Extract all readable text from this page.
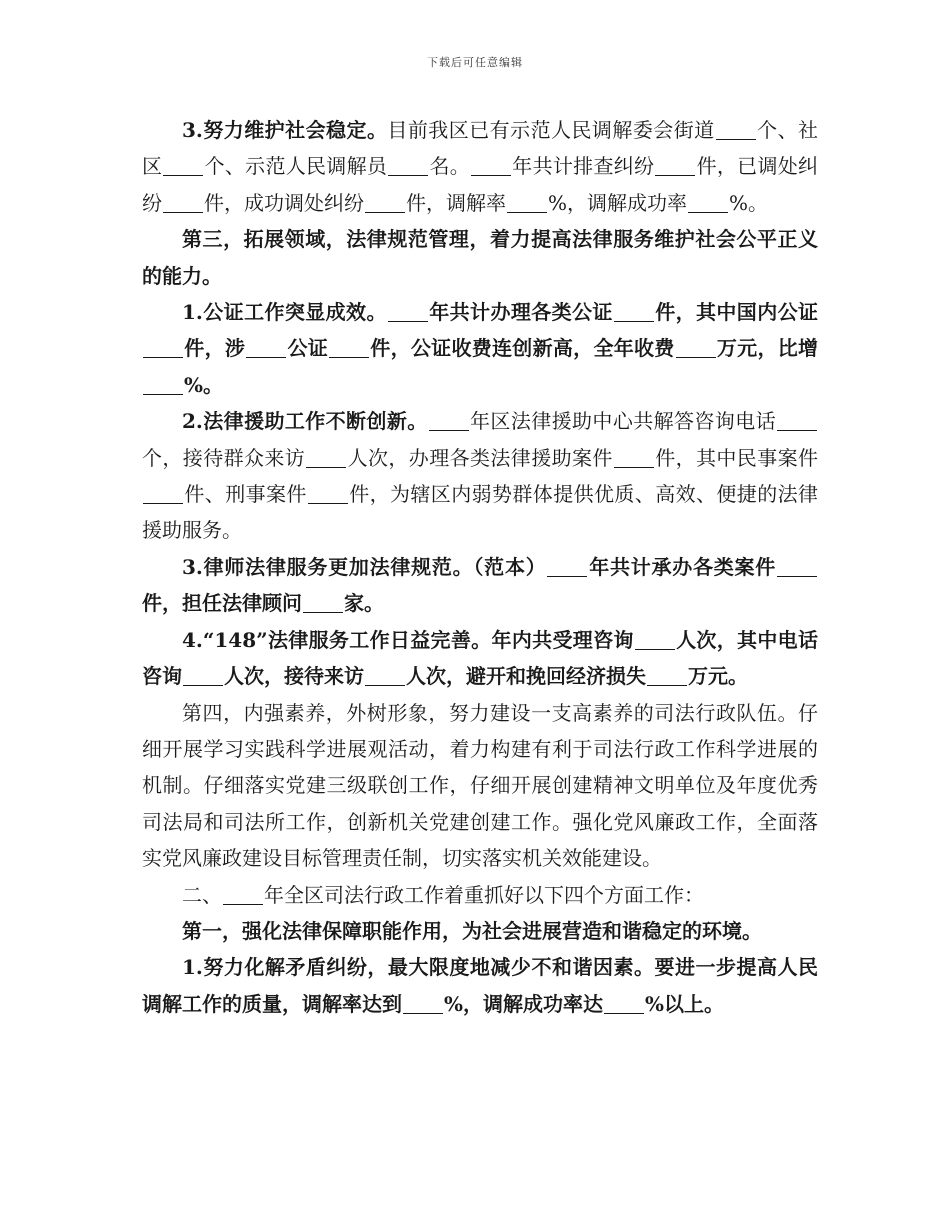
下载后可任意编辑

3.努力维护社会稳定。目前我区已有示范人民调解委会街道 个、社区 个、示范人民调解员 名。 年共计排查纠纷 件，已调处纠纷 件，成功调处纠纷 件，调解率 %，调解成功率 %。

第三，拓展领域，法律规范管理，着力提高法律服务维护社会公平正义的能力。

1.公证工作突显成效。 年共计办理各类公证 件，其中国内公证件，涉 公证 件，公证收费连创新高，全年收费 万元，比增%。

2.法律援助工作不断创新。 年区法律援助中心共解答咨询电话个，接待群众来访 人次，办理各类法律援助案件 件，其中民事案件件、刑事案件 件，为辖区内弱势群体提供优质、高效、便捷的法律援助服务。

3.律师法律服务更加法律规范。（范本） 年共计承办各类案件件，担任法律顾问 家。

4.“148”法律服务工作日益完善。年内共受理咨询 人次，其中电话咨询 人次，接待来访 人次，避开和挽回经济损失 万元。

第四，内强素养，外树形象，努力建设一支高素养的司法行政队伍。仔细开展学习实践科学进展观活动，着力构建有利于司法行政工作科学进展的机制。仔细落实党建三级联创工作，仔细开展创建精神文明单位及年度优秀司法局和司法所工作，创新机关党建创建工作。强化党风廉政工作，全面落实党风廉政建设目标管理责任制，切实落实机关效能建设。

二、 年全区司法行政工作着重抓好以下四个方面工作：

第一，强化法律保障职能作用，为社会进展营造和谐稳定的环境。

1.努力化解矛盾纠纷，最大限度地减少不和谐因素。要进一步提高人民调解工作的质量，调解率达到 %，调解成功率达 %以上。
